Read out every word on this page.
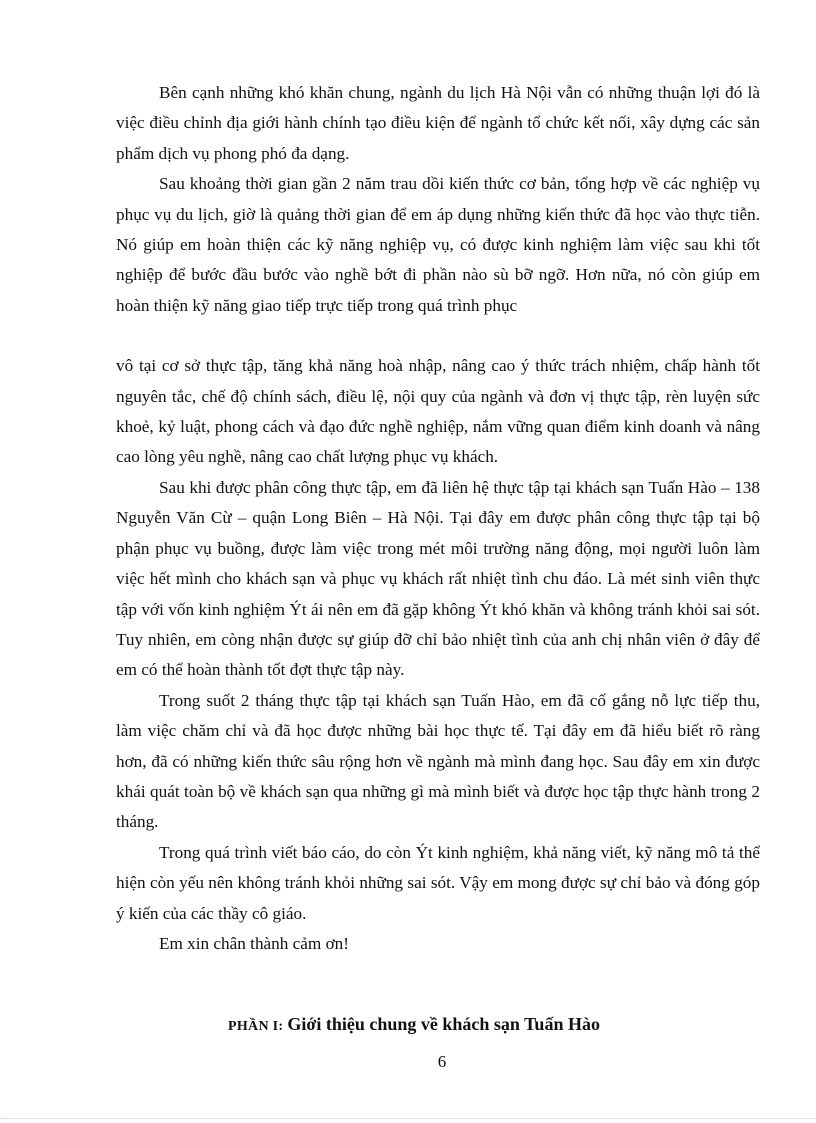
Bên cạnh những khó khăn chung, ngành du lịch Hà Nội vẫn có những thuận lợi đó là việc điều chỉnh địa giới hành chính tạo điều kiện để ngành tổ chức kết nối, xây dựng các sản phẩm dịch vụ phong phó đa dạng.

Sau khoảng thời gian gần 2 năm trau dồi kiến thức cơ bản, tổng hợp về các nghiệp vụ phục vụ du lịch, giờ là quảng thời gian để em áp dụng những kiến thức đã học vào thực tiễn. Nó giúp em hoàn thiện các kỹ năng nghiệp vụ, có được kinh nghiệm làm việc sau khi tốt nghiệp để bước đầu bước vào nghề bớt đi phần nào sù bỡ ngỡ. Hơn nữa, nó còn giúp em hoàn thiện kỹ năng giao tiếp trực tiếp trong quá trình phục

vô tại cơ sở thực tập, tăng khả năng hoà nhập, nâng cao ý thức trách nhiệm, chấp hành tốt nguyên tắc, chế độ chính sách, điều lệ, nội quy của ngành và đơn vị thực tập, rèn luyện sức khoẻ, kỷ luật, phong cách và đạo đức nghề nghiệp, nắm vững quan điểm kinh doanh và nâng cao lòng yêu nghề, nâng cao chất lượng phục vụ khách.

Sau khi được phân công thực tập, em đã liên hệ thực tập tại khách sạn Tuấn Hào – 138 Nguyễn Văn Cừ – quận Long Biên – Hà Nội. Tại đây em được phân công thực tập tại bộ phận phục vụ buồng, được làm việc trong mét môi trường năng động, mọi người luôn làm việc hết mình cho khách sạn và phục vụ khách rất nhiệt tình chu đáo. Là mét sinh viên thực tập với vốn kinh nghiệm Ýt ái nên em đã gặp không Ýt khó khăn và không tránh khỏi sai sót. Tuy nhiên, em còng nhận được sự giúp đỡ chỉ bảo nhiệt tình của anh chị nhân viên ở đây để em có thể hoàn thành tốt đợt thực tập này.

Trong suốt 2 tháng thực tập tại khách sạn Tuấn Hào, em đã cố gắng nỗ lực tiếp thu, làm việc chăm chỉ và đã học được những bài học thực tế. Tại đây em đã hiểu biết rõ ràng hơn, đã có những kiến thức sâu rộng hơn về ngành mà mình đang học. Sau đây em xin được khái quát toàn bộ về khách sạn qua những gì mà mình biết và được học tập thực hành trong 2 tháng.

Trong quá trình viết báo cáo, do còn Ýt kinh nghiệm, khả năng viết, kỹ năng mô tả thể hiện còn yếu nên không tránh khỏi những sai sót. Vậy em mong được sự chỉ bảo và đóng góp ý kiến của các thầy cô giáo.

Em xin chân thành cảm ơn!

PHẦN I: Giới thiệu chung về khách sạn Tuấn Hào
6
